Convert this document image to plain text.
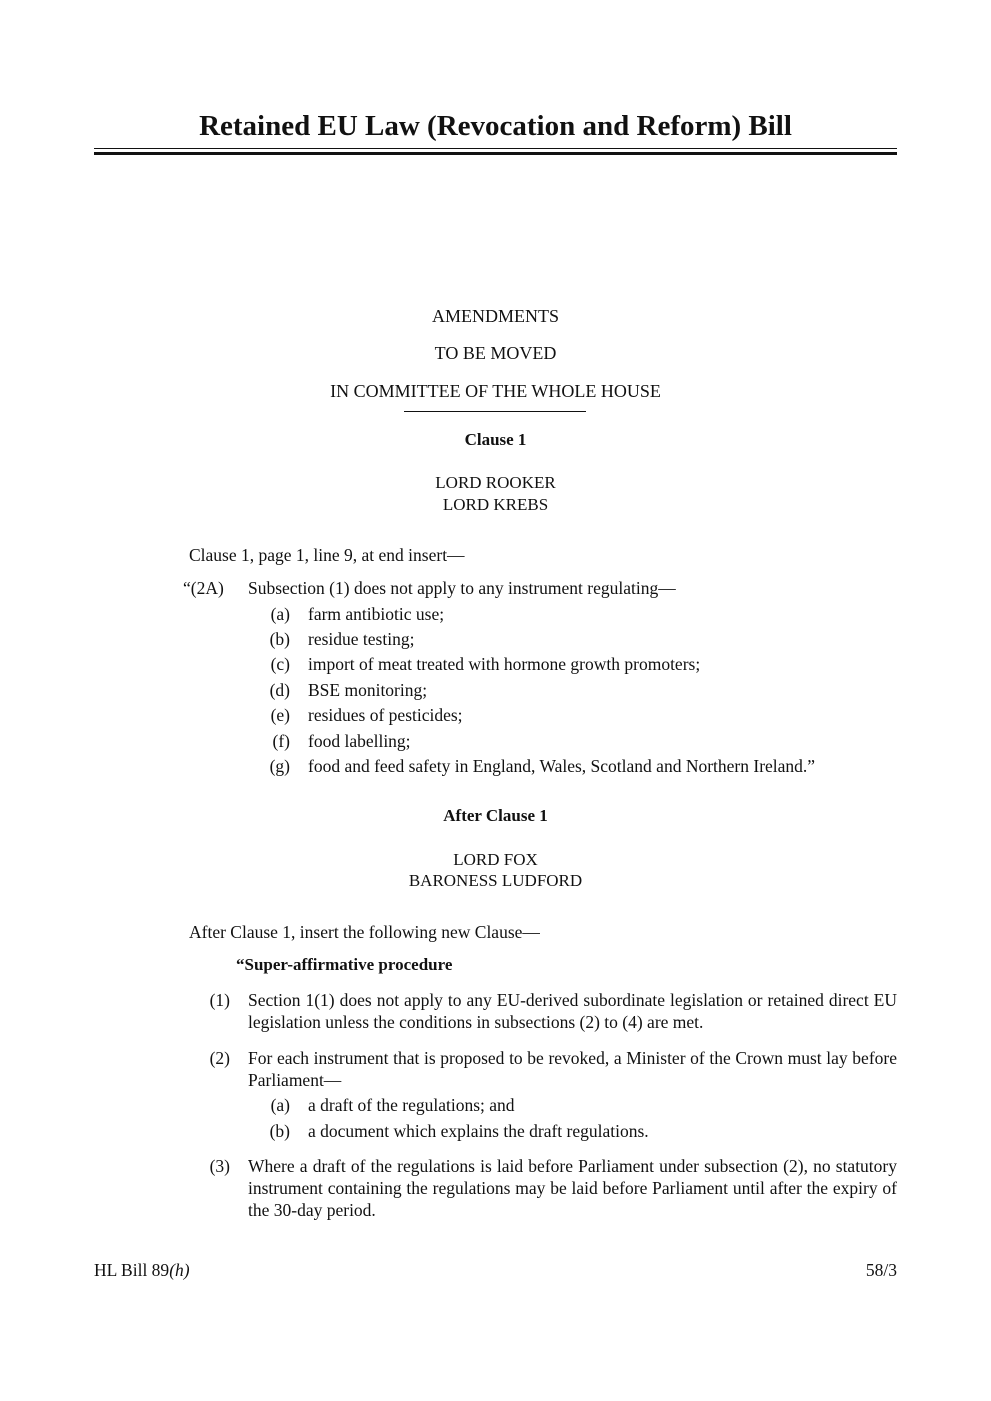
Retained EU Law (Revocation and Reform) Bill
AMENDMENTS
TO BE MOVED
IN COMMITTEE OF THE WHOLE HOUSE
Clause 1
LORD ROOKER
LORD KREBS
Clause 1, page 1, line 9, at end insert—
“(2A) Subsection (1) does not apply to any instrument regulating—
(a) farm antibiotic use;
(b) residue testing;
(c) import of meat treated with hormone growth promoters;
(d) BSE monitoring;
(e) residues of pesticides;
(f) food labelling;
(g) food and feed safety in England, Wales, Scotland and Northern Ireland.”
After Clause 1
LORD FOX
BARONESS LUDFORD
After Clause 1, insert the following new Clause—
“Super-affirmative procedure
(1) Section 1(1) does not apply to any EU-derived subordinate legislation or retained direct EU legislation unless the conditions in subsections (2) to (4) are met.
(2) For each instrument that is proposed to be revoked, a Minister of the Crown must lay before Parliament—
(a) a draft of the regulations; and
(b) a document which explains the draft regulations.
(3) Where a draft of the regulations is laid before Parliament under subsection (2), no statutory instrument containing the regulations may be laid before Parliament until after the expiry of the 30-day period.
HL Bill 89(h)	58/3
